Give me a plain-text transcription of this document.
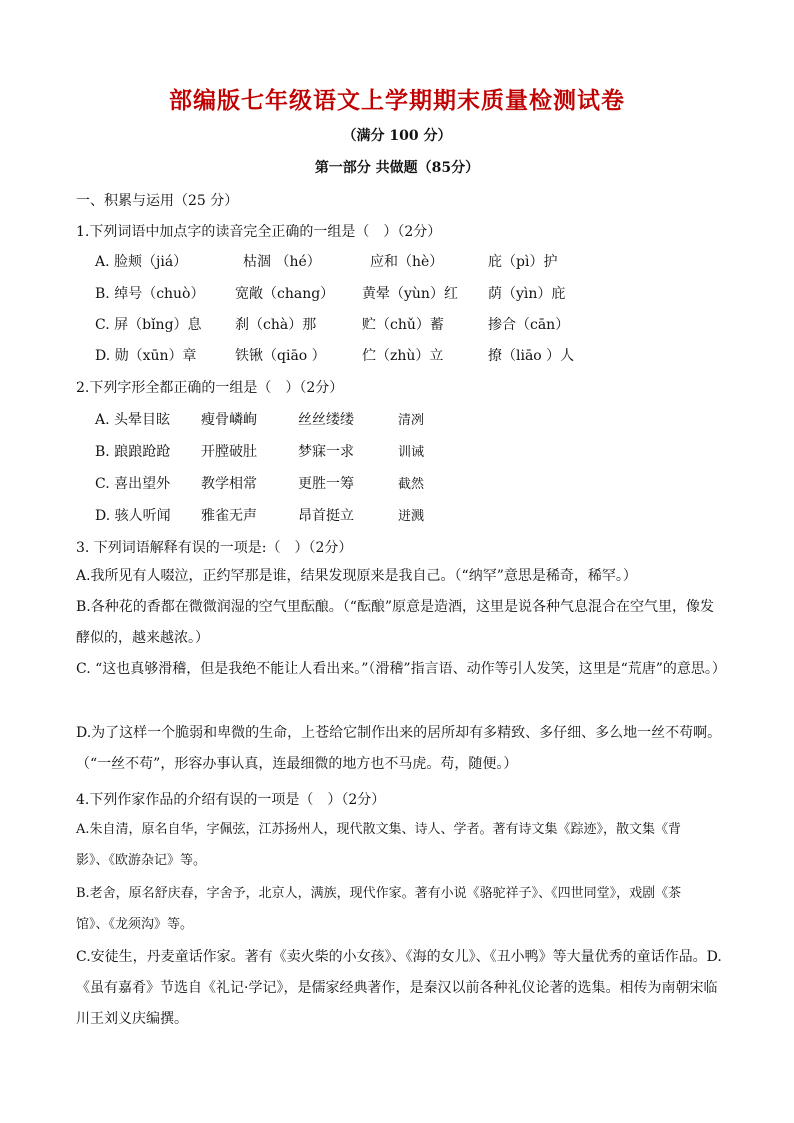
部编版七年级语文上学期期末质量检测试卷
（满分 100 分）
第一部分 共做题（85分）
一、积累与运用（25 分）
1.下列词语中加点字的读音完全正确的一组是（　）（2分）
A. 脸颊（jiá）	枯涸 （hé）	应和（hè）	庇（pì）护
B. 绰号（chuò） 宽敞（chang） 黄晕（yùn）红 荫（yìn）庇
C. 屏（bǐng）息 刹（chà）那	贮（chǔ）蓄	掺合（cān）
D. 勋（xūn）章	铁锹（qiāo ）	伫（zhù）立	撩（liāo ）人
2.下列字形全都正确的一组是（　）（2分）
A. 头晕目眩 瘦骨嶙峋	丝丝缕缕	清冽
B. 踉踉跄跄 开膛破肚	梦寐一求	训诫
C. 喜出望外 教学相常	更胜一筹	截然
D. 骇人听闻 雅雀无声	昂首挺立	迸溅
3. 下列词语解释有误的一项是:（　）（2分）
A.我所见有人啜泣，正约罕那是谁，结果发现原来是我自己。（“纳罕”意思是稀奇，稀罕。）
B.各种花的香都在微微润湿的空气里酝酿。（“酝酿”原意是造酒，这里是说各种气息混合在空气里，像发酵似的，越来越浓。）
C. “这也真够滑稽，但是我绝不能让人看出来。”（滑稽”指言语、动作等引人发笑，这里是“荒唐”的意思。）
D.为了这样一个脆弱和卑微的生命，上苍给它制作出来的居所却有多精致、多仔细、多么地一丝不苟啊。（“一丝不苟”，形容办事认真，连最细微的地方也不马虎。苟，随便。）
4.下列作家作品的介绍有误的一项是（　）（2分）
A.朱自清，原名自华，字佩弦，江苏扬州人，现代散文集、诗人、学者。著有诗文集《踪迹》，散文集《背　影》、《欧游杂记》等。
B.老舍，原名舒庆春，字舍予，北京人，满族，现代作家。著有小说《骆驼祥子》、《四世同堂》，戏剧《茶　馆》、《龙须沟》等。
C.安徒生，丹麦童话作家。著有《卖火柴的小女孩》、《海的女儿》、《丑小鸭》等大量优秀的童话作品。D.《虽有嘉肴》节选自《礼记·学记》，是儒家经典著作，是秦汉以前各种礼仪论著的选集。相传为南朝宋临川王刘义庆编撰。
